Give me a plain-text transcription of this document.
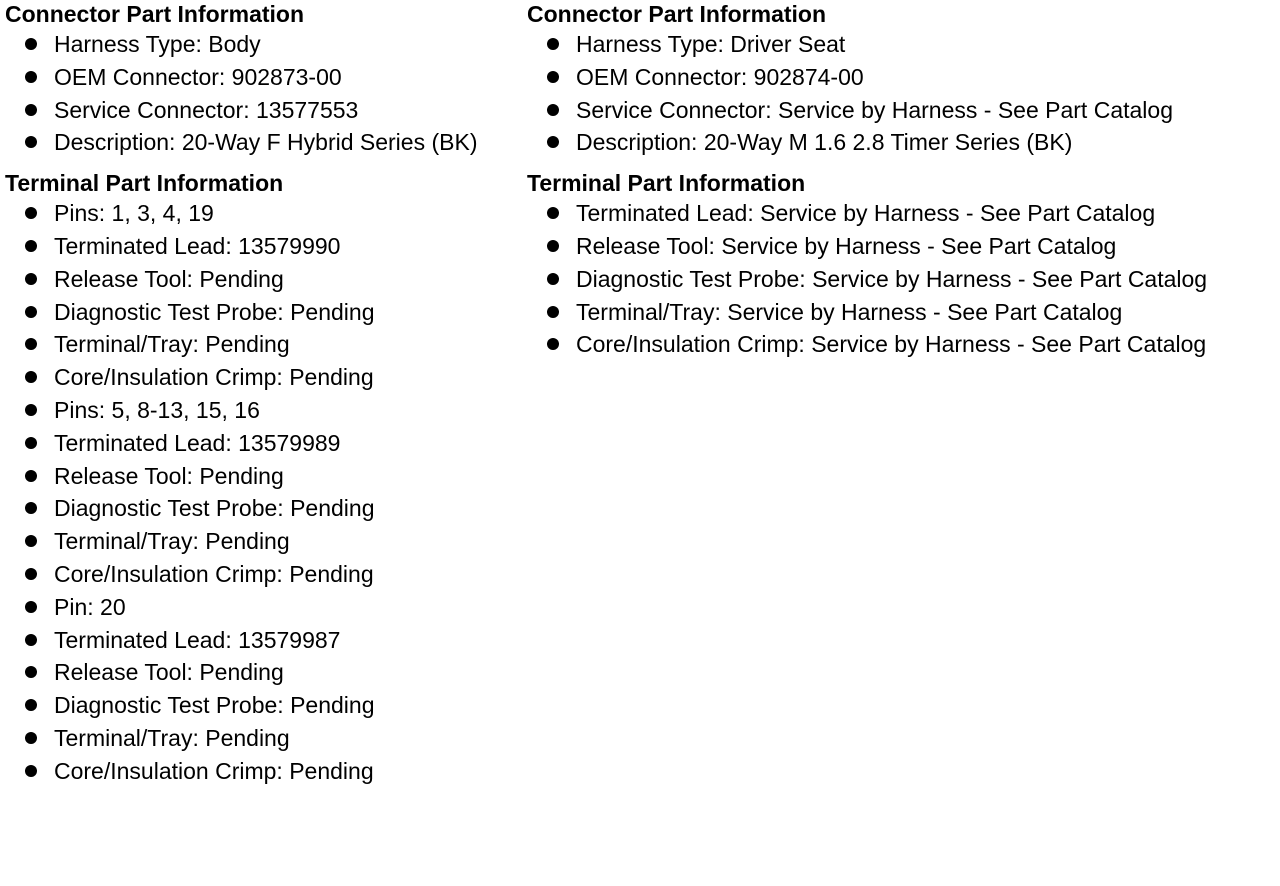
Connector Part Information
Harness Type: Body
OEM Connector: 902873-00
Service Connector: 13577553
Description: 20-Way F Hybrid Series (BK)
Terminal Part Information
Pins: 1, 3, 4, 19
Terminated Lead: 13579990
Release Tool: Pending
Diagnostic Test Probe: Pending
Terminal/Tray: Pending
Core/Insulation Crimp: Pending
Pins: 5, 8-13, 15, 16
Terminated Lead: 13579989
Release Tool: Pending
Diagnostic Test Probe: Pending
Terminal/Tray: Pending
Core/Insulation Crimp: Pending
Pin: 20
Terminated Lead: 13579987
Release Tool: Pending
Diagnostic Test Probe: Pending
Terminal/Tray: Pending
Core/Insulation Crimp: Pending
Connector Part Information
Harness Type: Driver Seat
OEM Connector: 902874-00
Service Connector: Service by Harness - See Part Catalog
Description: 20-Way M 1.6 2.8 Timer Series (BK)
Terminal Part Information
Terminated Lead: Service by Harness - See Part Catalog
Release Tool: Service by Harness - See Part Catalog
Diagnostic Test Probe: Service by Harness - See Part Catalog
Terminal/Tray: Service by Harness - See Part Catalog
Core/Insulation Crimp: Service by Harness - See Part Catalog
